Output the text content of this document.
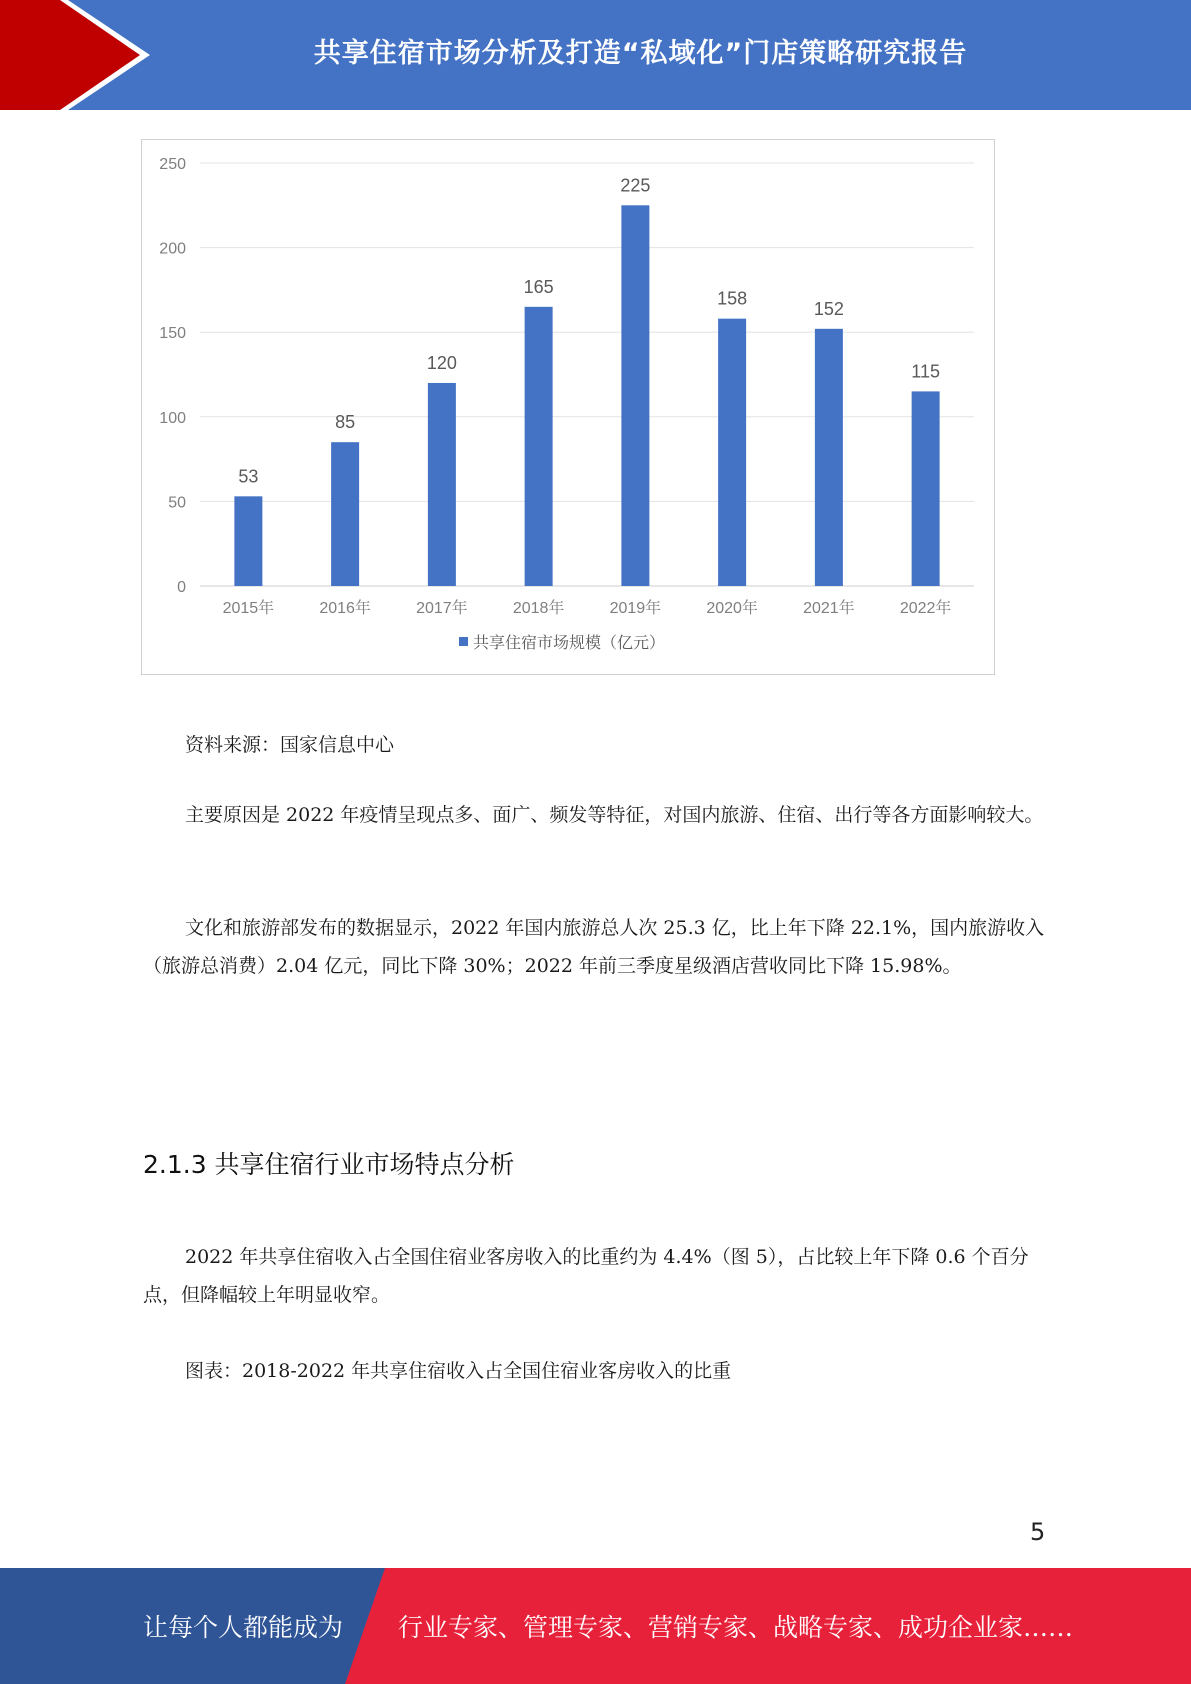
共享住宿市场分析及打造“私域化”门店策略研究报告
0
50
100
150
200
250
53
2015年
85
2016年
120
2017年
165
2018年
225
2019年
158
2020年
152
2021年
115
2022年
共享住宿市场规模（亿元）
资料来源：国家信息中心
主要原因是 2022 年疫情呈现点多、面广、频发等特征，对国内旅游、住宿、出行等各方面影响较大。
文化和旅游部发布的数据显示，2022 年国内旅游总人次 25.3 亿，比上年下降 22.1%，国内旅游收入（旅游总消费）2.04 亿元，同比下降 30%；2022 年前三季度星级酒店营收同比下降 15.98%。
2.1.3 共享住宿行业市场特点分析
2022 年共享住宿收入占全国住宿业客房收入的比重约为 4.4%（图 5），占比较上年下降 0.6 个百分点，但降幅较上年明显收窄。
图表：2018-2022 年共享住宿收入占全国住宿业客房收入的比重
5
让每个人都能成为 行业专家、管理专家、营销专家、战略专家、成功企业家……
